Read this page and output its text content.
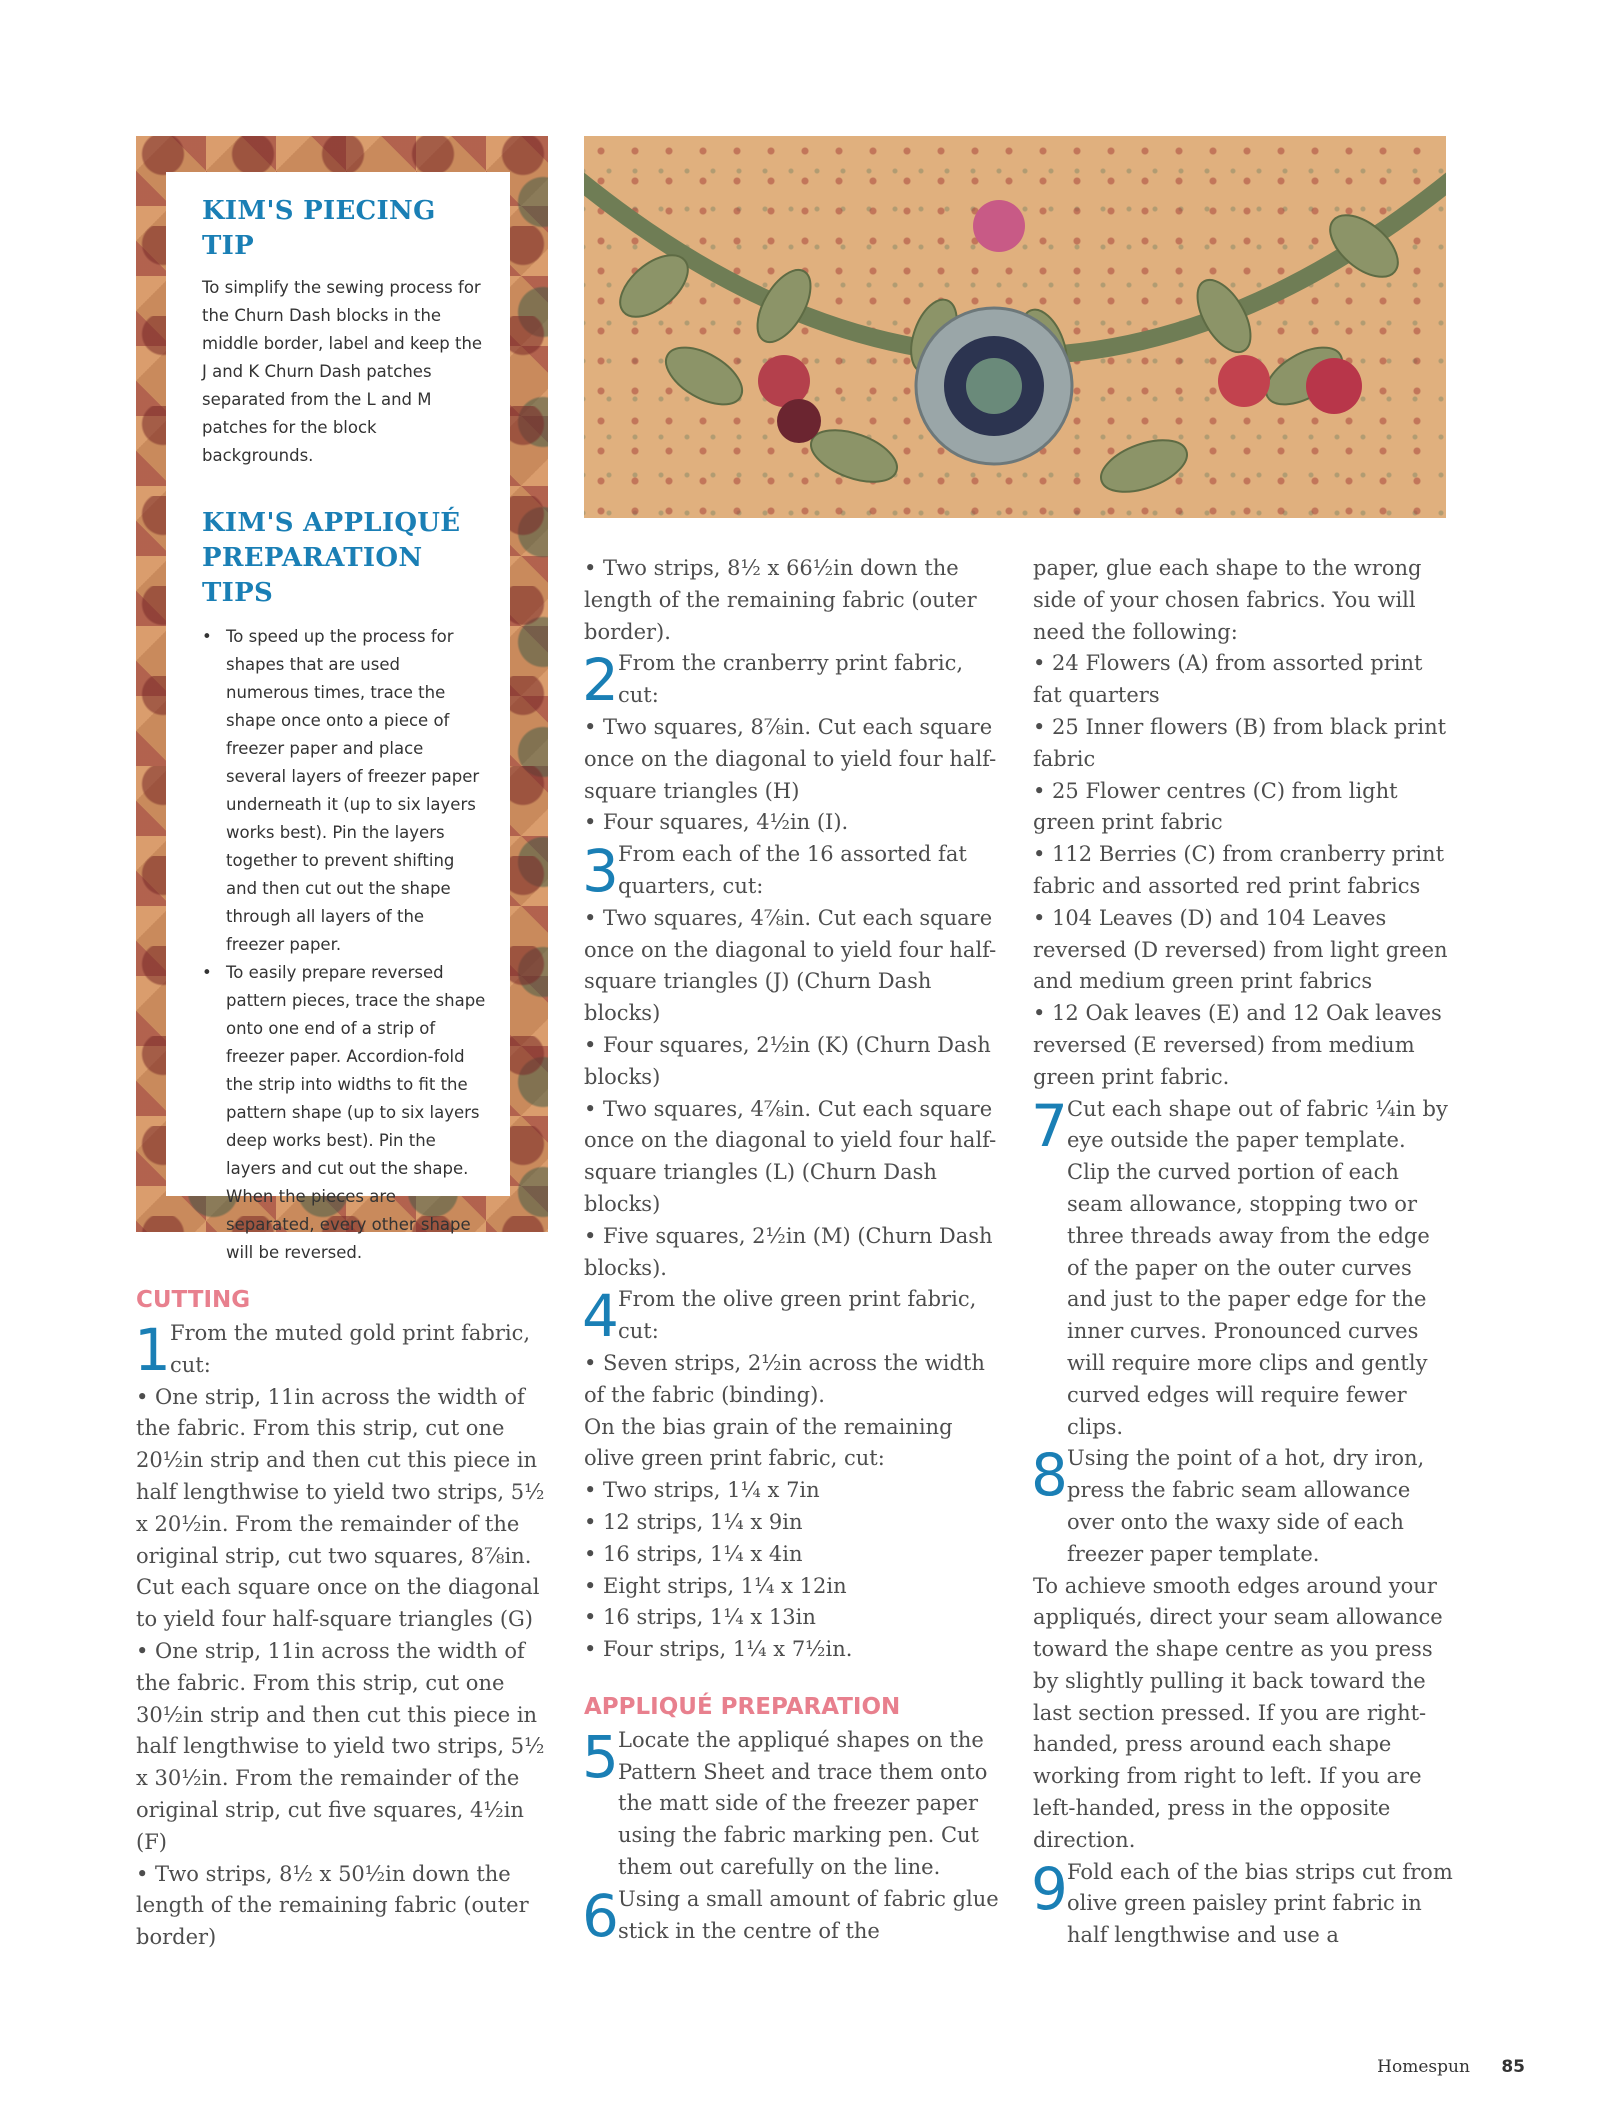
KIM'S PIECING TIP

To simplify the sewing process for the Churn Dash blocks in the middle border, label and keep the J and K Churn Dash patches separated from the L and M patches for the block backgrounds.

KIM'S APPLIQUÉ
PREPARATION
TIPS
• To speed up the process for shapes that are used numerous times, trace the shape once onto a piece of freezer paper and place several layers of freezer paper underneath it (up to six layers works best). Pin the layers together to prevent shifting and then cut out the shape through all layers of the freezer paper.
• To easily prepare reversed pattern pieces, trace the shape onto one end of a strip of freezer paper. Accordion-fold the strip into widths to fit the pattern shape (up to six layers deep works best). Pin the layers and cut out the shape. When the pieces are separated, every other shape will be reversed.
CUTTING

1 From the muted gold print fabric, cut:

• One strip, 11in across the width of the fabric. From this strip, cut one 20½in strip and then cut this piece in half lengthwise to yield two strips, 5½ x 20½in. From the remainder of the original strip, cut two squares, 8⅞in. Cut each square once on the diagonal to yield four half-square triangles (G)

• One strip, 11in across the width of the fabric. From this strip, cut one 30½in strip and then cut this piece in half lengthwise to yield two strips, 5½ x 30½in. From the remainder of the original strip, cut five squares, 4½in (F)

• Two strips, 8½ x 50½in down the length of the remaining fabric (outer border)

• Two strips, 8½ x 66½in down the length of the remaining fabric (outer border).

2 From the cranberry print fabric, cut:

• Two squares, 8⅞in. Cut each square once on the diagonal to yield four half-square triangles (H)

• Four squares, 4½in (I).

3 From each of the 16 assorted fat quarters, cut:

• Two squares, 4⅞in. Cut each square once on the diagonal to yield four half-square triangles (J) (Churn Dash blocks)

• Four squares, 2½in (K) (Churn Dash blocks)

• Two squares, 4⅞in. Cut each square once on the diagonal to yield four half-square triangles (L) (Churn Dash blocks)

• Five squares, 2½in (M) (Churn Dash blocks).

4 From the olive green print fabric, cut:

• Seven strips, 2½in across the width of the fabric (binding).

On the bias grain of the remaining olive green print fabric, cut:

• Two strips, 1¼ x 7in

• 12 strips, 1¼ x 9in

• 16 strips, 1¼ x 4in

• Eight strips, 1¼ x 12in

• 16 strips, 1¼ x 13in

• Four strips, 1¼ x 7½in.

APPLIQUÉ PREPARATION

5 Locate the appliqué shapes on the Pattern Sheet and trace them onto the matt side of the freezer paper using the fabric marking pen. Cut them out carefully on the line.

6 Using a small amount of fabric glue stick in the centre of the

paper, glue each shape to the wrong side of your chosen fabrics. You will need the following:

• 24 Flowers (A) from assorted print fat quarters

• 25 Inner flowers (B) from black print fabric

• 25 Flower centres (C) from light green print fabric

• 112 Berries (C) from cranberry print fabric and assorted red print fabrics

• 104 Leaves (D) and 104 Leaves reversed (D reversed) from light green and medium green print fabrics

• 12 Oak leaves (E) and 12 Oak leaves reversed (E reversed) from medium green print fabric.

7 Cut each shape out of fabric ¼in by eye outside the paper template. Clip the curved portion of each seam allowance, stopping two or three threads away from the edge of the paper on the outer curves and just to the paper edge for the inner curves. Pronounced curves will require more clips and gently curved edges will require fewer clips.

8 Using the point of a hot, dry iron, press the fabric seam allowance over onto the waxy side of each freezer paper template.

To achieve smooth edges around your appliqués, direct your seam allowance toward the shape centre as you press by slightly pulling it back toward the last section pressed. If you are right-handed, press around each shape working from right to left. If you are left-handed, press in the opposite direction.

9 Fold each of the bias strips cut from olive green paisley print fabric in half lengthwise and use a

Homespun 85
